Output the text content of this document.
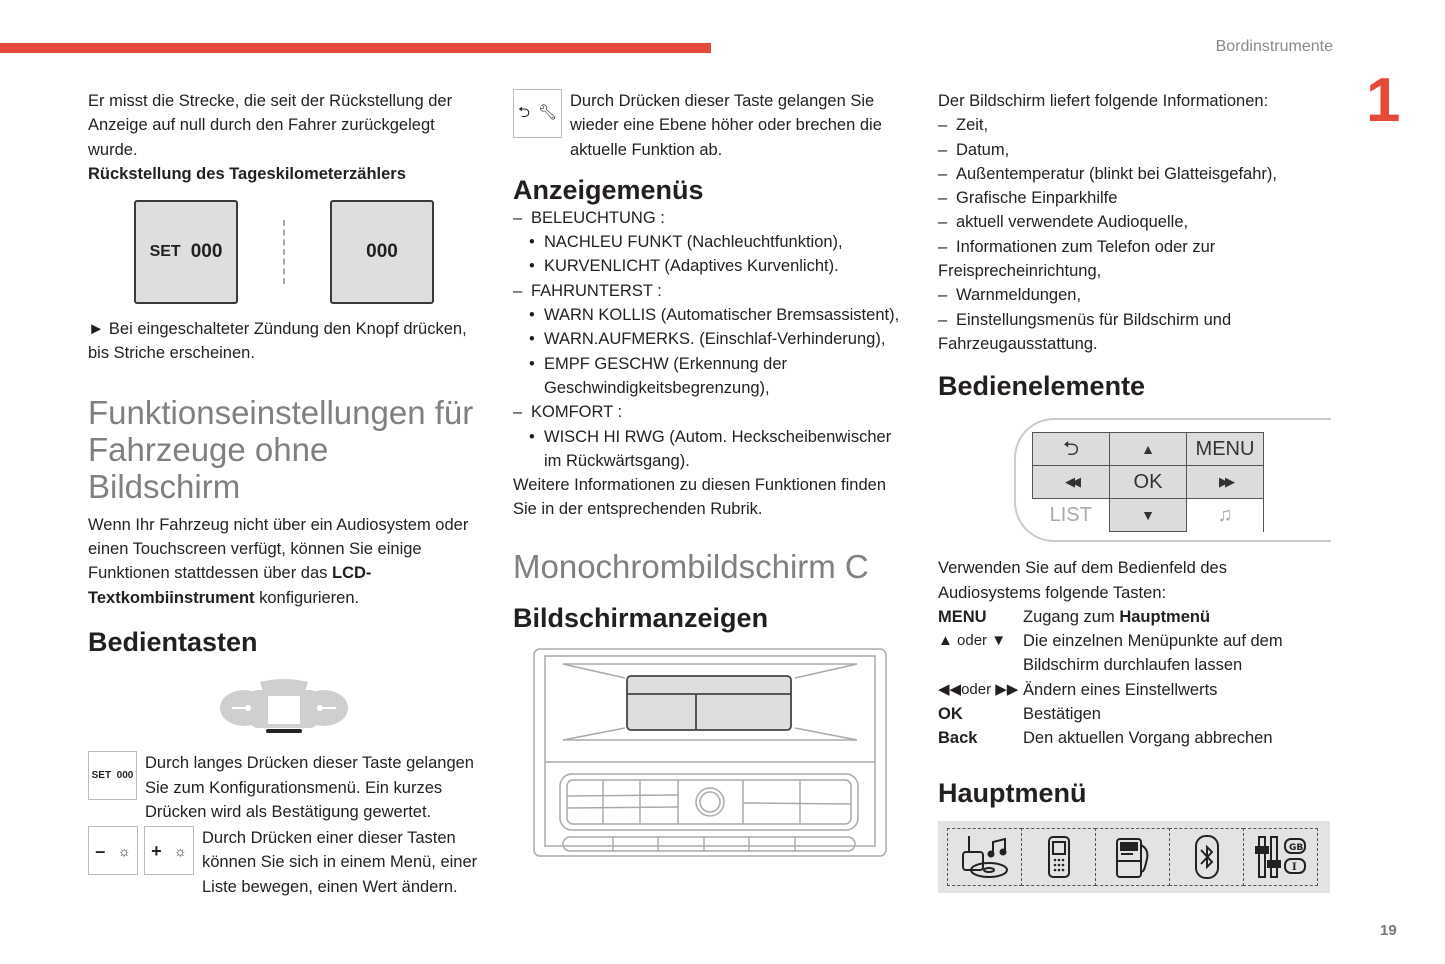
Bordinstrumente
1
19

Er misst die Strecke, die seit der Rückstellung der Anzeige auf null durch den Fahrer zurückgelegt wurde.

Rückstellung des Tageskilometerzählers

SET 000	000

► Bei eingeschalteter Zündung den Knopf drücken, bis Striche erscheinen.

Funktionseinstellungen für Fahrzeuge ohne Bildschirm

Wenn Ihr Fahrzeug nicht über ein Audiosystem oder einen Touchscreen verfügt, können Sie einige Funktionen stattdessen über das LCD-Textkombiinstrument konfigurieren.

Bedientasten
SET
000

Durch langes Drücken dieser Taste gelangen Sie zum Konfigurationsmenü. Ein kurzes Drücken wird als Bestätigung gewertet.

– ☼ + ☼

Durch Drücken einer dieser Tasten können Sie sich in einem Menü, einer Liste bewegen, einen Wert ändern.

⮌ 🔧︎

Durch Drücken dieser Taste gelangen Sie wieder eine Ebene höher oder brechen die aktuelle Funktion ab.

Anzeigemenüs

– BELEUCHTUNG :

• NACHLEU FUNKT (Nachleuchtfunktion),

• KURVENLICHT (Adaptives Kurvenlicht).

– FAHRUNTERST :

• WARN KOLLIS (Automatischer Bremsassistent),

• WARN.AUFMERKS. (Einschlaf-Verhinderung),

• EMPF GESCHW (Erkennung der Geschwindigkeitsbegrenzung),

– KOMFORT :

• WISCH HI RWG (Autom. Heckscheibenwischer im Rückwärtsgang).

Weitere Informationen zu diesen Funktionen finden Sie in der entsprechenden Rubrik.

Monochrombildschirm C
Bildschirmanzeigen

Der Bildschirm liefert folgende Informationen:

– Zeit,

– Datum,

– Außentemperatur (blinkt bei Glatteisgefahr),

– Grafische Einparkhilfe

– aktuell verwendete Audioquelle,

– Informationen zum Telefon oder zur Freisprecheinrichtung,

– Warnmeldungen,

– Einstellungsmenüs für Bildschirm und Fahrzeugausstattung.

Bedienelemente
⮌	▲	MENU
◀◀	OK	▶▶
LIST	▼	♫

Verwenden Sie auf dem Bedienfeld des Audiosystems folgende Tasten:

MENU	Zugang zum Hauptmenü
▲ oder ▼	Die einzelnen Menüpunkte auf dem Bildschirm durchlaufen lassen
◀◀oder ▶▶ Ändern eines Einstellwerts
OK	Bestätigen
Back	Den aktuellen Vorgang abbrechen
Hauptmenü
GB
I
